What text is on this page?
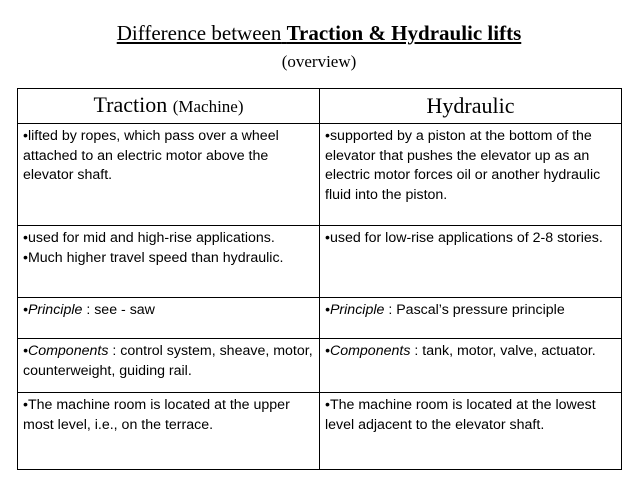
Difference between Traction & Hydraulic lifts
(overview)
Traction (Machine)	Hydraulic
•lifted by ropes, which pass over a wheel attached to an electric motor above the elevator shaft.	•supported by a piston at the bottom of the elevator that pushes the elevator up as an electric motor forces oil or another hydraulic fluid into the piston.

•used for mid and high-rise applications.
•Much higher travel speed than hydraulic.	•used for low-rise applications of 2-8 stories.
•Principle : see - saw	•Principle : Pascal’s pressure principle
•Components : control system, sheave, motor, counterweight, guiding rail.	•Components : tank, motor, valve, actuator.
•The machine room is located at the upper most level, i.e., on the terrace.	•The machine room is located at the lowest level adjacent to the elevator shaft.
